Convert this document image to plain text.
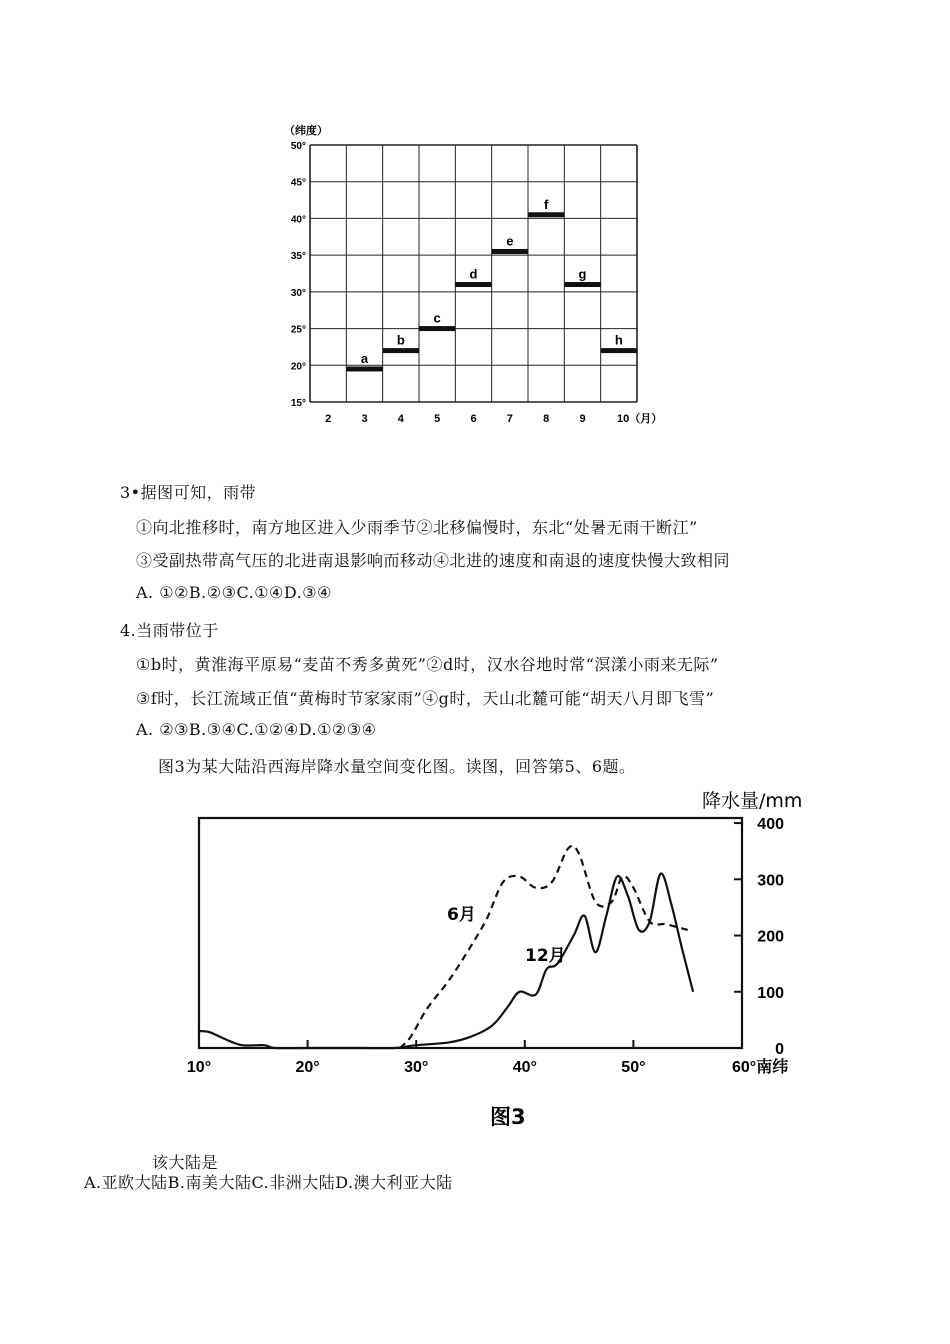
（纬度）
50°
45°
40°
35°
30°
25°
20°
15°
2	3	4	5	6	7	8	9
a
b
c
d
e
f
g
h
10（月）
3•据图可知，雨带
①向北推移时，南方地区进入少雨季节②北移偏慢时，东北“处暑无雨干断江”
③受副热带高气压的北进南退影响而移动④北进的速度和南退的速度快慢大致相同
A. ①②B.②③C.①④D.③④
4.当雨带位于
①b时，黄淮海平原易“麦苗不秀多黄死”②d时，汉水谷地时常“溟漾小雨来无际”
③f时，长江流域正值“黄梅时节家家雨”④g时，天山北麓可能“胡天八月即飞雪”
A. ②③B.③④C.①②④D.①②③④
图3为某大陆沿西海岸降水量空间变化图。读图，回答第5、6题。
降水量/mm
400
300
200
100
0
10°	20°	30°	40°	50°	60°南纬
6月
12月
图3
该大陆是
A.亚欧大陆B.南美大陆C.非洲大陆D.澳大利亚大陆
